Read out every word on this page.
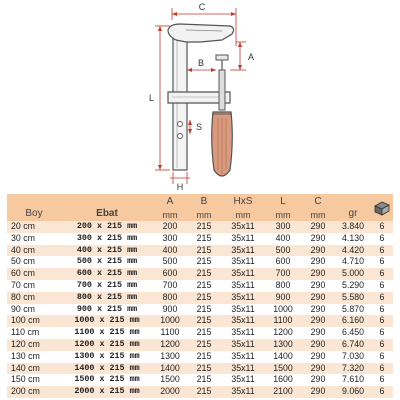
C
A
B
L
S
H
Boy	Ebat	A	B	HxS	L	C	gr	
		mm	mm	mm	mm	mm		
20 cm	200 x 215 mm	200	215	35x11	300	290	3.840	6
30 cm	300 x 215 mm	300	215	35x11	400	290	4.130	6
40 cm	400 x 215 mm	400	215	35x11	500	290	4.420	6
50 cm	500 x 215 mm	500	215	35x11	600	290	4.710	6
60 cm	600 x 215 mm	600	215	35x11	700	290	5.000	6
70 cm	700 x 215 mm	700	215	35x11	800	290	5.290	6
80 cm	800 x 215 mm	800	215	35x11	900	290	5.580	6
90 cm	900 x 215 mm	900	215	35x11	1000	290	5.870	6
100 cm	1000 x 215 mm	1000	215	35x11	1100	290	6.160	6
110 cm	1100 x 215 mm	1100	215	35x11	1200	290	6.450	6
120 cm	1200 x 215 mm	1200	215	35x11	1300	290	6.740	6
130 cm	1300 x 215 mm	1300	215	35x11	1400	290	7.030	6
140 cm	1400 x 215 mm	1400	215	35x11	1500	290	7.320	6
150 cm	1500 x 215 mm	1500	215	35x11	1600	290	7.610	6
200 cm	2000 x 215 mm	2000	215	35x11	2100	290	9.060	6
